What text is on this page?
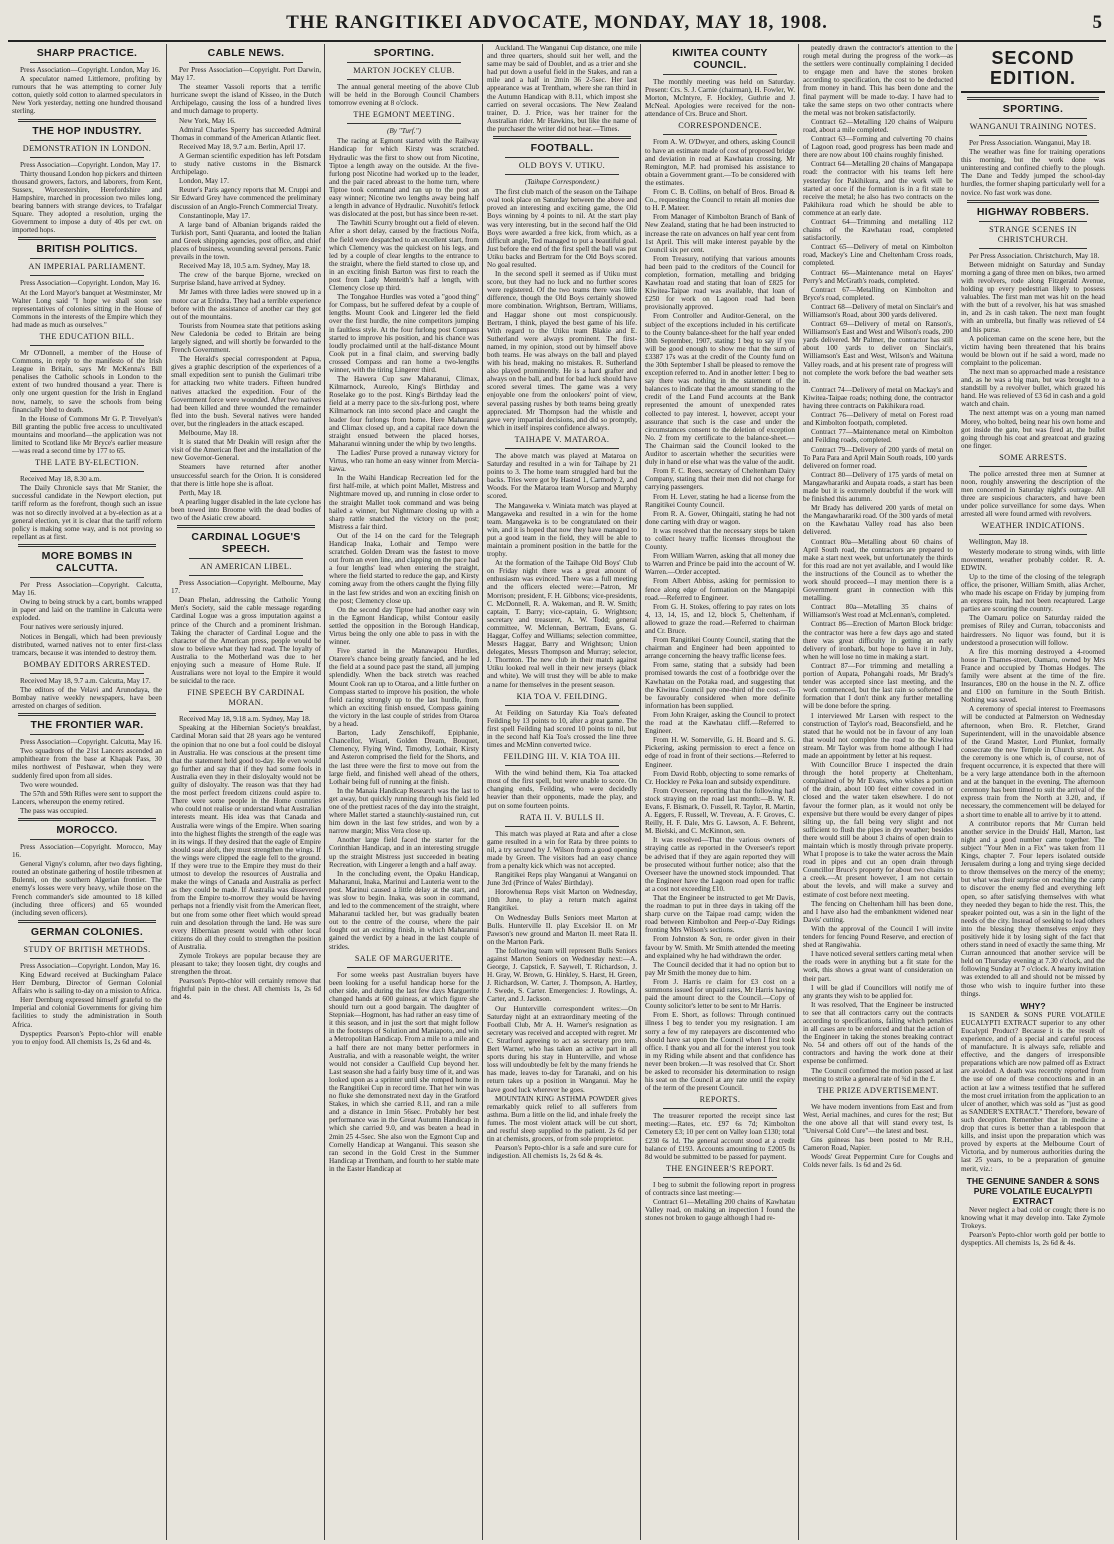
THE RANGITIKEI ADVOCATE, MONDAY, MAY 18, 1908.	5
SHARP PRACTICE.

Press Association—Copyright. London, May 16.

A speculator named Littlemore, profiting by rumours that he was attempting to corner July cotton, quietly sold cotton to alarmed speculators in New York yesterday, netting one hundred thousand sterling.

THE HOP INDUSTRY.
DEMONSTRATION IN LONDON.

Press Association—Copyright. London, May 17.

Thirty thousand London hop pickers and thirteen thousand growers, factors, and laborers, from Kent, Sussex, Worcestershire, Herefordshire and Hampshire, marched in procession two miles long, bearing banners with strange devices, to Trafalgar Square. They adopted a resolution, urging the Government to impose a duty of 40s per cwt. on imported hops.

BRITISH POLITICS.
AN IMPERIAL PARLIAMENT.

Press Association—Copyright. London, May 16.

At the Lord Mayor's banquet at Westminster, Mr Walter Long said "I hope we shall soon see representatives of colonies sitting in the House of Commons in the interests of the Empire which they had made as much as ourselves."

THE EDUCATION BILL.

Mr O'Donnell, a member of the House of Commons, in reply to the manifesto of the Irish League in Britain, says Mr McKenna's Bill penalises the Catholic schools in London to the extent of two hundred thousand a year. There is only one urgent question for the Irish in England now, namely, to save the schools from being financially bled to death.

In the House of Commons Mr G. P. Trevelyan's Bill granting the public free access to uncultivated mountains and moorland—the application was not limited to Scotland like Mr Bryce's earlier measure—was read a second time by 177 to 65.

THE LATE BY-ELECTION.

Received May 18, 8.30 a.m.

The Daily Chronicle says that Mr Stanier, the successful candidate in the Newport election, put tariff reform as the forefront, though such an issue was not so directly involved at a by-election as at a general election, yet it is clear that the tariff reform policy is making some way, and is not proving so repellant as at first.

MORE BOMBS IN CALCUTTA.

Per Press Association—Copyright. Calcutta, May 16.

Owing to being struck by a cart, bombs wrapped in paper and laid on the tramline in Calcutta were exploded.

Four natives were seriously injured.

Notices in Bengali, which had been previously distributed, warned natives not to enter first-class tramcars, because it was intended to destroy them.

BOMBAY EDITORS ARRESTED.

Received May 18, 9.7 a.m. Calcutta, May 17.

The editors of the Velavi and Arunodaya, the Bombay native weekly newspapers, have been arrested on charges of sedition.

THE FRONTIER WAR.

Press Association—Copyright. Calcutta, May 16.

Two squadrons of the 21st Lancers ascended an amphitheatre from the base at Khapak Pass, 30 miles northwest of Peshawar, when they were suddenly fired upon from all sides.

Two were wounded.

The 57th and 59th Rifles were sent to support the Lancers, whereupon the enemy retired.

The pass was occupied.

MOROCCO.

Press Association—Copyright. Morocco, May 16.

General Vigny's column, after two days fighting, routed an obstinate gathering of hostile tribesmen at Bulenni, on the southern Algerian frontier. The enemy's losses were very heavy, while those on the French commander's side amounted to 18 killed (including three officers) and 65 wounded (including seven officers).

GERMAN COLONIES.
STUDY OF BRITISH METHODS.

Press Association—Copyright. London, May 16.

King Edward received at Buckingham Palace Herr Dernburg, Director of German Colonial Affairs who is sailing to-day on a mission to Africa.

Herr Dernburg expressed himself grateful to the Imperial and colonial Governments for giving him facilities to study the administration in South Africa.

Dyspeptics Pearson's Pepto-chlor will enable you to enjoy food. All chemists 1s, 2s 6d and 4s.

CABLE NEWS.

Per Press Association—Copyright. Port Darwin, May 17.

The steamer Vassoli reports that a terrific hurricane swept the island of Kisseo, in the Dutch Archipelago, causing the loss of a hundred lives and much damage to property.

New York, May 16.

Admiral Charles Sperry has succeeded Admiral Thomas in command of the American Atlantic fleet.

Received May 18, 9.7 a.m. Berlin, April 17.

A German scientific expedition has left Potsdam to study native customs in the Bismarck Archipelago.

London, May 17.

Reuter's Paris agency reports that M. Cruppi and Sir Edward Grey have commenced the preliminary discussion of an Anglo-French Commercial Treaty.

Constantinople, May 17.

A large band of Albanian brigands raided the Turkish port, Santi Quaranta, and looted the Italian and Greek shipping agencies, post office, and chief places of business, wounding several persons. Panic prevails in the town.

Received May 18, 10.5 a.m. Sydney, May 18.

The crew of the barque Bjorne, wrecked on Surprise Island, have arrived at Sydney.

Mr James with three ladies were snowed up in a motor car at Erindra. They had a terrible experience before with the assistance of another car they got out of the mountains.

Tourists from Noumea state that petitions asking New Caledonia be ceded to Britain are being largely signed, and will shortly be forwarded to the French Government.

The Herald's special correspondent at Papua, gives a graphic description of the experiences of a small expedition sent to punish the Gulimari tribe for attacking two white traders. Fifteen hundred natives attacked the expedition. Four of the Government force were wounded. After two natives had been killed and three wounded the remainder fled into the bush. Several natives were handed over, but the ringleaders in the attack escaped.

Melbourne, May 18.

It is stated that Mr Deakin will resign after the visit of the American fleet and the installation of the new Governor-General.

Steamers have returned after another unsuccessful search for the Orion. It is considered that there is little hope she is afloat.

Perth, May 18.

A pearling lugger disabled in the late cyclone has been towed into Broome with the dead bodies of two of the Asiatic crew aboard.

CARDINAL LOGUE'S SPEECH.
AN AMERICAN LIBEL.

Press Association—Copyright. Melbourne, May 17.

Dean Phelan, addressing the Catholic Young Men's Society, said the cable message regarding Cardinal Logue was a gross imputation against a prince of the Church and a prominent Irishman. Taking the character of Cardinal Logue and the character of the American press, people would be slow to believe what they had read. The loyalty of Australia to the Motherland was due to her enjoying such a measure of Home Rule. If Australians were not loyal to the Empire it would be suicidal to the race.

FINE SPEECH BY CARDINAL MORAN.

Received May 18, 9.18 a.m. Sydney, May 18.

Speaking at the Hibernian Society's breakfast, Cardinal Moran said that 28 years ago he ventured the opinion that no one but a fool could be disloyal in Australia. He was conscious at the present time that the statement held good to-day. He even would go further and say that if they had some fools in Australia even they in their disloyalty would not be guilty of disloyalty. The reason was that they had the most perfect freedom citizens could aspire to. There were some people in the Home countries who could not realise or understand what Australian interests meant. His idea was that Canada and Australia were wings of the Empire. When soaring into the highest flights the strength of the eagle was in its wings. If they desired that the eagle of Empire should soar aloft, they must strengthen the wings. If the wings were clipped the eagle fell to the ground. If they were true to the Empire they must do their utmost to develop the resources of Australia and make the wings of Canada and Australia as perfect as they could be made. If Australia was dissevered from the Empire to-morrow they would be having perhaps not a friendly visit from the American fleet, but one from some other fleet which would spread ruin and desolation through the land. He was sure every Hibernian present would with other local citizens do all they could to strengthen the position of Australia.

Zymole Trokeys are popular because they are pleasant to take; they loosen tight, dry coughs and strengthen the throat.

Pearson's Pepto-chlor will certainly remove that frightful pain in the chest. All chemists 1s, 2s 6d and 4s.

SPORTING.
MARTON JOCKEY CLUB.

The annual general meeting of the above Club will be held in the Borough Council Chambers tomorrow evening at 8 o'clock.

THE EGMONT MEETING.
(By "Turf.")

The racing at Egmont started with the Railway Handicap for which Kirsty was scratched. Hydraulic was the first to show out from Nicotine, Tiptoe a length away on the outside. At the five-furlong post Nicotine had worked up to the leader, and the pair raced abreast to the home turn, where Tiptoe took command and ran up to the post an easy winner; Nicotine two lengths away being half a length in advance of Hydraulic. Nuxohiti's fetlock was dislocated at the post, but has since been re-set.

The Tawhiti Scurry brought out a field of eleven. After a short delay, caused by the fractious Noifa, the field were despatched to an excellent start, from which Clemency was the quickest on his legs, and led by a couple of clear lengths to the entrance to the straight, where the field started to close up, and in an exciting finish Barton was first to reach the post from Lady Menteith's half a length, with Clemency close up third.

The Tongahoe Hurdles was voted a "good thing" for Compass, but he suffered defeat by a couple of lengths. Mount Cook and Lingerer led the field over the first hurdle, the nine competitors jumping in faultless style. At the four furlong post Compass started to improve his position, and his chance was loudly proclaimed until at the half-distance Mount Cook put in a final claim, and swerving badly crossed Compass and ran home a two-lengths winner, with the tiring Lingerer third.

The Hawera Cup saw Maharanui, Climax, Kilmarnock, Aureolo, King's Birthday and Roselake go to the post. King's Birthday lead the field at a merry pace to the six-furlong post, where Kilmarnock ran into second place and caught the leader four furlongs from home. Here Maharanui and Climax closed up, and a capital race down the straight ensued between the placed horses, Maharanui winning under the whip by two lengths.

The Ladies' Purse proved a runaway victory for Virtus, who ran home an easy winner from Mercia-kawa.

In the Waihi Handicap Recreation led for the first half-mile, at which point Mallet, Mistress and Nightmare moved up, and running in close order to the straight Mallet took command and was being hailed a winner, but Nightmare closing up with a sharp rattle snatched the victory on the post; Mistress a fair third.

Out of the 14 on the card for the Telegraph Handicap Inaka, Lothair and Tempo were scratched. Golden Dream was the fastest to move out from an even line, and clapping on the pace had a four lengths' lead when entering the straight, where the field started to reduce the gap, and Kirsty coming away from the others caught the flying filly in the last few strides and won an exciting finish on the post; Clemency close up.

On the second day Tiptoe had another easy win in the Egmont Handicap, whilst Contour easily settled the opposition in the Borough Handicap, Virtus being the only one able to pass in with the winner.

Five started in the Manawapou Hurdles, Otarere's chance being greatly fancied, and he led the field at a sound pace past the stand, all jumping splendidly. When the back stretch was reached Mount Cook ran up to Otaroa, and a little further on Compass started to improve his position, the whole field racing strongly up to the last hurdle, from which an exciting finish ensued, Compass gaining the victory in the last couple of strides from Otaroa by a head.

Barton, Lady Zenschikoff, Epiphanie, Chancellor, Wisari, Golden Dream, Bouquet, Clemency, Flying Wind, Timothy, Lothair, Kirsty and Asteron comprised the field for the Shorts, and the last three were the first to move out from the large field, and finished well ahead of the others, Lothair being full of running at the finish.

In the Manaia Handicap Research was the last to get away, but quickly running through his field led one of the prettiest races of the day into the straight, where Mallet started a staunchly-sustained run, cut him down in the last few strides, and won by a narrow margin; Miss Vera close up.

Another large field faced the starter for the Corinthian Handicap, and in an interesting struggle up the straight Mistress just succeeded in beating Recreation, with Lingerer a length and a half away.

In the concluding event, the Opaku Handicap, Maharanui, Inaka, Marinui and Lauteria went to the post. Marinui caused a little delay at the start, and was slow to begin. Inaka, was soon in command, and led to the commencement of the straight, where Maharanui tackled her, but was gradually beaten out to the centre of the course, where the pair fought out an exciting finish, in which Maharanui gained the verdict by a head in the last couple of strides.

SALE OF MARGUERITE.

For some weeks past Australian buyers have been looking for a useful handicap horse for the other side, and during the last few days Marguerite changed hands at 600 guineas, at which figure she should turn out a good bargain. The daughter of Stepniak—Hogmont, has had rather an easy time of it this season, and in just the sort that might follow in the footsteps of Solution and Maniapoto, and win a Metropolitan Handicap. From a mile to a mile and a half there are not many better performers in Australia, and with a reasonable weight, the writer would not consider a Caulfield Cup beyond her. Last season she had a fairly busy time of it, and was looked upon as a sprinter until she romped home in the Rangitikei Cup in record time. That her win was no fluke she demonstrated next day in the Gratford Stakes, in which she carried 8.11, and ran a mile and a distance in 1min 56sec. Probably her best performance was in the Great Autumn Handicap in which she carried 9.0, and was beaten a head in 2min 25 4-5sec. She also won the Egmont Cup and Cornelly Handicap at Wanganui. This season she ran second in the Gold Crest in the Summer Handicap at Trentham, and fourth to her stable mate in the Easter Handicap at

Auckland. The Wanganui Cup distance, one mile and three quarters, should suit her well, and the same may be said of Doublet, and as a trier and she had put down a useful field in the Stakes, and ran a mile and a half in 2min 36 2-5sec. Her last appearance was at Trentham, where she ran third in the Autumn Handicap with 8.11, which impost she carried on several occasions. The New Zealand trainer, D. J. Price, was her trainer for the Australian rider. Mr Hawkins, but like the name of the purchaser the writer did not hear.—Times.

FOOTBALL.
OLD BOYS V. UTIKU.
(Taihape Correspondent.)

The first club match of the season on the Taihape oval took place on Saturday between the above and proved an interesting and exciting game, the Old Boys winning by 4 points to nil. At the start play was very interesting, but in the second half the Old Boys were awarded a free kick, from which, as a difficult angle, Ted managed to put a beautiful goal. Just before the end of the first spell the ball was put Utiku backs and Bertram for the Old Boys scored. No goal resulted.

In the second spell it seemed as if Utiku must score, but they had no luck and no further scores were registered. Of the two teams there was little difference, though the Old Boys certainly showed more combination. Wrightson, Bertram, Williams, and Haggar shone out most conspicuously. Bertram, I think, played the best game of his life. With regard to the Utiku team Blakie and E. Sutherland were always prominent. The first-named, in my opinion, stood out by himself above both teams. He was always on the ball and played with his head, making no mistakes. R. Sutherland also played prominently. He is a hard grafter and always on the ball, and but for bad luck should have scored several times. The game was a very enjoyable one from the onlookers' point of view, several passing rushes by both teams being greatly appreciated. Mr Thompson had the whistle and gave very impartial decisions, and did so promptly, which in itself inspires confidence always.

TAIHAPE V. MATAROA.

The above match was played at Mataroa on Saturday and resulted in a win for Taihape by 21 points to 3. The home team struggled hard but the backs. Tries were got by Hasted 1, Carmody 2, and Woods. For the Mataroa team Worsop and Murphy scored.

The Mangaweka v. Winiata match was played at Mangaweka and resulted in a win for the home team. Mangaweka is to be congratulated on their win, and it is hoped that now they have managed to put a good team in the field, they will be able to maintain a prominent position in the battle for the trophy.

At the formation of the Taihape Old Boys' Club on Friday night there was a great amount of enthusiasm was evinced. There was a full meeting and the officers elected were:—Patron, Mr Morrison; president, F. H. Gibbons; vice-presidents, C. McDonnell, R. A. Wakeman, and R. W. Smith; captain, T. Barry; vice-captain, G. Wrightson; secretary and treasurer, A. W. Todd; general committee, W. Mclennan, Bertram, Evans, G. Haggar, Coffey and Williams; selection committee, Messrs Haggar, Barry and Wrightson; Union delegates, Messrs Thompson and Murray; selector, J. Thornton. The new club in their match against Utiku looked real well in their new jerseys (black and white). We will trust they will be able to make a name for themselves in the present season.

KIA TOA V. FEILDING.

At Feilding on Saturday Kia Toa's defeated Feilding by 13 points to 10, after a great game. The first spell Feilding had scored 10 points to nil, but in the second half Kia Toa's crossed the line three times and McMinn converted twice.

FEILDING III. V. KIA TOA III.

With the wind behind them, Kia Toa attacked most of the first spell, but were unable to score. On changing ends, Feilding, who were decidedly heavier than their opponents, made the play, and put on some fourteen points.

RATA II. V. BULLS II.

This match was played at Rata and after a close game resulted in a win for Rata by three points to nil, a try secured by J. Wilson from a good opening made by Green. The visitors had an easy chance from a penalty kick which was not accepted.

Rangitikei Reps play Wanganui at Wanganui on June 3rd (Prince of Wales' Birthday).

Horowhenua Reps visit Marton on Wednesday, 10th June, to play a return match against Rangitikei.

On Wednesday Bulls Seniors meet Marton at Bulls. Hunterville II. play Excelsior II. on Mr Pawson's new ground and Marton II. meet Rata II. on the Marton Park.

The following team will represent Bulls Seniors against Marton Seniors on Wednesday next:—A. George, J. Capstick, F. Saywell, T. Richardson, J. H. Gray, W. Brown, G. Hinkley, S. Harst, H. Green, J. Richardson, W. Carter, J. Thompson, A. Hartley, J. Swede, S. Carter. Emergencies: J. Rowlings, A. Carter, and J. Jackson.

Our Hunterville correspondent writes:—On Saturday night at an extraordinary meeting of the Football Club, Mr A. H. Warner's resignation as secretary was received and accepted with regret. Mr C. Stratford agreeing to act as secretary pro tem. Bert Warner, who has taken an active part in all sports during his stay in Hunterville, and whose loss will undoubtedly be felt by the many friends he has made, leaves to-day for Taranaki, and on his return takes up a position in Wanganui. May he have good luck wherever he goes.

MOUNTAIN KING ASTHMA POWDER gives remarkably quick relief to all sufferers from asthma. Burn a little on the lid, and inhale freely the fumes. The most violent attack will be cut short, and restful sleep supplied to the patient. 2s 6d per tin at chemists, grocers, or from sole proprietor.

Pearson's Pepto-chlor is a safe and sure cure for indigestion. All chemists 1s, 2s 6d & 4s.

KIWITEA COUNTY COUNCIL.

The monthly meeting was held on Saturday. Present: Crs. S. J. Carnie (chairman), H. Fowler, W. Morton, McIntyre, F. Hockley, Guthrie and J. McNeal. Apologies were received for the non-attendance of Crs. Bruce and Short.

CORRESPONDENCE.

From A. W. O'Dwyer, and others, asking Council to have an estimate made of cost of proposed bridge and deviation in road at Kawhatau crossing. Mr Remington, M.P. had promised his assistance to obtain a Government grant.—To be considered with the estimates.

From C. B. Collins, on behalf of Bros. Broad & Co., requesting the Council to retain all monies due to H. P. Mateer.

From Manager of Kimbolton Branch of Bank of New Zealand, stating that he had been instructed to increase the rate on advances on half year cent from 1st April. This will make interest payable by the Council six per cent.

From Treasury, notifying that various amounts had been paid to the creditors of the Council for completion, formation, metalling and bridging Kawhatau road and stating that loan of £825 for Kiwitea-Taipae road was available, that loan of £250 for work on Lagoon road had been provisionally approved.

From Controller and Auditor-General, on the subject of the exceptions included in his certificate to the County balance-sheet for the half year ended 30th September, 1907, stating: I beg to say if you will be good enough to show me that the sum of £3387 17s was at the credit of the County fund on the 30th September I shall be pleased to remove the exception referred to. And in another letter: I beg to say there was nothing in the statement of the balances to indicate that the amount standing to the credit of the Land Fund accounts at the Bank represented the amount of unexpended rates collected to pay interest. I, however, accept your assurance that such is the case and under the circumstances consent to the deletion of exception No. 2 from my certificate to the balance-sheet.—The Chairman said the Council looked to the Auditor to ascertain whether the securities were duly in hand or else what was the value of the audit.

From F. C. Rees, secretary of Cheltenham Dairy Company, stating that their men did not charge for carrying passengers.

From H. Lever, stating he had a license from the Rangitikei County Council.

From R. A. Gower, Ohingaiti, stating he had not done carting with dray or wagon.

It was resolved that the necessary steps be taken to collect heavy traffic licenses throughout the County.

From William Warren, asking that all money due to Warren and Prince be paid into the account of W. Warren.—Order accepted.

From Albert Abbiss, asking for permission to fence along edge of formation on the Mangapipi road.—Referred to Engineer.

From G. H. Stokes, offering to pay rates on lots 4, 13, 14, 15, and 12, block 5, Cheltenham, if allowed to graze the road.—Referred to chairman and Cr. Bruce.

From Rangitikei County Council, stating that the chairman and Engineer had been appointed to arrange concerning the heavy traffic license fees.

From same, stating that a subsidy had been promised towards the cost of a footbridge over the Kawhatau on the Potaka road, and suggesting that the Kiwitea Council pay one-third of the cost.—To be favourably considered when more definite information has been supplied.

From John Kraiger, asking the Council to protect the road at the Kawhatau cliff.—Referred to Engineer.

From H. W. Somerville, G. H. Board and S. G. Pickering, asking permission to erect a fence on edge of road in front of their sections.—Referred to Engineer.

From David Robb, objecting to some remarks of Cr. Hockley re Peka loan and subsidy expenditure.

From Overseer, reporting that the following had stock straying on the road last month:—B. W. R. Evans, F. Bismark, O. Fussell, R. Taylor, R. Martin, A. Eggers, F. Russell, W. Treveau, A. F. Groves, C. Reilly, H. F. Dale, Mrs G. Lawson, A. F. Behrent, M. Bielski, and C. McKinnon, sen.

It was resolved—That the various owners of straying cattle as reported in the Overseer's report be advised that if they are again reported they will be prosecuted without further notice; also that the Overseer have the unowned stock impounded. That the Engineer have the Lagoon road open for traffic at a cost not exceeding £10.

That the Engineer be instructed to get Mr Davis, the roadman to put in three days in taking off the sharp curve on the Taipae road camp; widen the road between Kimbolton and Peep-o'-Day Ridings fronting Mrs Wilson's sections.

From Johnston & Son, re order given in their favour by W. Smith. Mr Smith attended the meeting and explained why he had withdrawn the order.

The Council decided that it had no option but to pay Mr Smith the money due to him.

From J. Harris re claim for £3 cost on a summons issued for unpaid rates, Mr Harris having paid the amount direct to the Council.—Copy of County solicitor's letter to be sent to Mr Harris.

From E. Short, as follows: Through continued illness I beg to tender you my resignation. I am sorry a few of my ratepayers are discontented who should have sat upon the Council when I first took office. I thank you and all for the interest you took in my Riding while absent and that confidence has never been broken.—It was resolved that Cr. Short be asked to reconsider his determination to resign his seat on the Council at any rate until the expiry of the term of the present Council.

REPORTS.

The treasurer reported the receipt since last meeting:—Rates, etc. £97 6s 7d; Kimbolton Cemetery £3; 10 per cent on Valley loan £130; total £230 6s 1d. The general account stood at a credit balance of £193. Accounts amounting to £2005 0s 8d would be submitted to be passed for payment.

THE ENGINEER'S REPORT.

I beg to submit the following report in progress of contracts since last meeting:—

Contract 61—Metalling 200 chains of Kawhatau Valley road, on making an inspection I found the stones not broken to gauge although I had re-

peatedly drawn the contractor's attention to the rough metal during the progress of the work—as the settlers were continually complaining I decided to engage men and have the stones broken according to specification, the cost to be deducted from money in hand. This has been done and the final payment will be made to-day. I have had to take the same steps on two other contracts where the metal was not broken satisfactorily.

Contract 62—Metalling 120 chains of Waipuru road, about a mile completed.

Contract 63—Forming and culverting 70 chains of Lagoon road, good progress has been made and there are now about 100 chains roughly finished.

Contract 64—Metalling 20 chains of Mangapapa road: the contractor with his teams left here yesterday for Pakihikura, and the work will be started at once if the formation is in a fit state to receive the metal; he also has two contracts on the Pakihikura road which he should be able to commence at an early date.

Contract 64—Trimming and metalling 112 chains of the Kawhatau road, completed satisfactorily.

Contract 65—Delivery of metal on Kimbolton road, Mackey's Line and Cheltenham Cross roads, completed.

Contract 66—Maintenance metal on Hayes' Perry's and McGrath's roads, completed.

Contract 67—Metalling on Kimbolton and Bryce's road, completed.

Contract 68—Delivery of metal on Sinclair's and Williamson's Road, about 300 yards delivered.

Contract 69—Delivery of metal on Ranson's, Williamson's East and West and Wilson's roads, 200 yards delivered. Mr Palmer, the contractor has still about 100 yards to deliver on Sinclair's, Williamson's East and West, Wilson's and Waituna Valley roads, and at his present rate of progress will not complete the work before the bad weather sets in.

Contract 74—Delivery of metal on Mackay's and Kiwitea-Taipae roads; nothing done, the contractor having three contracts on Pakihikura road.

Contract 76—Delivery of metal on Forest road and Kimbolton footpath, completed.

Contract 77—Maintenance metal on Kimbolton and Feilding roads, completed.

Contract 79—Delivery of 200 yards of metal on To Para Para and April Main South roads, 100 yards delivered on former road.

Contract 80—Delivery of 175 yards of metal on Mangawharariki and Aupata roads, a start has been made but it is extremely doubtful if the work will be finished this autumn.

Mr Brady has delivered 200 yards of metal on the Mangawharariki road. Of the 300 yards of metal on the Kawhatau Valley road has also been delivered.

Contract 80a—Metalling about 60 chains of April South road, the contractors are prepared to make a start next week, but unfortunately the thirds for this road are not yet available, and I would like the instructions of the Council as to whether the work should proceed—I may mention there is a Government grant in connection with this metalling.

Contract 80a—Metalling 35 chains of Williamson's West road at McLennan's, completed.

Contract 86—Erection of Marton Block bridge: the contractor was here a few days ago and stated there was great difficulty in getting an early delivery of ironbark, but hope to have it in July, when he will lose no time in making a start.

Contract 87—For trimming and metalling a portion of Aupata, Pohangahi roads, Mr Brady's tender was accepted since last meeting, and the work commenced, but the last rain so softened the formation that I don't think any further metalling will be done before the spring.

I interviewed Mr Larsen with respect to the construction of Taylor's road, Beaconsfield, and he stated that he would not be in favour of any loan that would not complete the road to the Kiwitea stream. Mr Taylor was from home although I had made an appointment by letter at his request.

With Councillor Bruce I inspected the drain through the hotel property at Cheltenham, complained of by Mr Evans, who wishes a portion of the drain, about 100 feet either covered in or closed and the water taken elsewhere. I do not favour the former plan, as it would not only be expensive but there would be every danger of pipes silting up, the fall being very slight and not sufficient to flush the pipes in dry weather; besides there would still be about 3 chains of open drain to maintain which is mostly through private property. What I propose is to take the water across the Main road in pipes and cut an open drain through Councillor Bruce's property for about two chains to a creek.—At present however, I am not certain about the levels, and will make a survey and estimate of cost before next meeting.

The fencing on Cheltenham hill has been done, and I have also had the embankment widened near Davis' cutting.

With the approval of the Council I will invite tenders for fencing Pound Reserve, and erection of shed at Rangiwahia.

I have noticed several settlers carting metal when the roads were in anything but a fit state for the work, this shows a great want of consideration on their part.

I will be glad if Councillors will notify me of any grants they wish to be applied for.

It was resolved, That the Engineer be instructed to see that all contractors carry out the contracts according to specifications, failing which penalties in all cases are to be enforced and that the action of the Engineer in taking the stones breaking contract No. 54 and others off out of the hands of the contractors and having the work done at their expense be confirmed.

The Council confirmed the motion passed at last meeting to strike a general rate of ¾d in the £.

THE PRIZE ADVERTISEMENT.

We have modern inventions from East and from West, Aerial machines, and cures for the rest; But the one above all that will stand every test, Is "Universal Cold Cure"—the latest and best.

Gns guineas has been posted to Mr R.H., Cameron Road, Napier.

Woods' Great Peppermint Cure for Coughs and Colds never fails. 1s 6d and 2s 6d.

SECOND EDITION.
SPORTING.
WANGANUI TRAINING NOTES.

Per Press Association. Wanganui, May 18.

The weather was fine for training operations this morning, but the work done was uninteresting and confined chiefly to the plough. The Dane and Teddy jumped the school-day hurdles, the former shaping particularly well for a novice. No fast work was done.

HIGHWAY ROBBERS.
STRANGE SCENES IN CHRISTCHURCH.

Per Press Association. Christchurch, May 18.

Between midnight on Saturday and Sunday morning a gang of three men on bikes, two armed with revolvers, rode along Fitzgerald Avenue, holding up every pedestrian likely to possess valuables. The first man met was hit on the head with the butt of a revolver, his hat was smashed in, and 2s in cash taken. The next man fought with an umbrella, but finally was relieved of £4 and his purse.

A policeman came on the scene here, but the victim having been threatened that his brains would be blown out if he said a word, made no complaint to the policeman.

The next man so approached made a resistance and, as he was a big man, but was brought to a standstill by a revolver bullet, which grazed his hand. He was relieved of £3 6d in cash and a gold watch and chain.

The next attempt was on a young man named Morey, who bolted, being near his own home and got inside the gate, but was fired at, the bullet going through his coat and greatcoat and grazing one finger.

SOME ARRESTS.

The police arrested three men at Sumner at noon, roughly answering the description of the men concerned in Saturday night's outrage. All three are suspicious characters, and have been under police surveillance for some days. When arrested all were found armed with revolvers.

WEATHER INDICATIONS.

Wellington, May 18.

Westerly moderate to strong winds, with little movement, weather probably colder. R. A. EDWIN.

Up to the time of the closing of the telegraph office, the prisoner, William Smith, alias Archer, who made his escape on Friday by jumping from an express train, had not been recaptured. Large parties are scouring the country.

The Oamaru police on Saturday raided the premises of Riley and Curran, tobacconists and hairdressers. No liquor was found, but it is understood a prosecution will follow.

A fire this morning destroyed a 4-roomed house in Thames-street, Oamaru, owned by Mrs France and occupied by Thomas Hodges. The family were absent at the time of the fire. Insurances, £80 on the house in the N. Z. office and £100 on furniture in the South British. Nothing was saved.

A ceremony of special interest to Freemasons will be conducted at Palmerston on Wednesday afternoon, when Bro. R. Fletcher, Grand Superintendent, will in the unavoidable absence of the Grand Master, Lord Plunket, formally consecrate the new Temple in Church street. As the ceremony is one which is, of course, not of frequent occurrence, it is expected that there will be a very large attendance both in the afternoon and at the banquet in the evening. The afternoon ceremony has been timed to suit the arrival of the express train from the North at 3.20, and, if necessary, the commencement will be delayed for a short time to enable all to arrive by it to attend.

A contributor reports that Mr Curran held another service in the Druids' Hall, Marton, last night and a good number came together. The subject "Your Men in a Fix" was taken from 11 Kings, chapter 7. Four lepers isolated outside Jerusalem during a long and trying siege decided to throw themselves on the mercy of the enemy; but what was their surprise on reaching the camp to discover the enemy fled and everything left open, so after satisfying themselves with what they needed they began to hide the rest. This, the speaker pointed out, was a sin in the light of the needs of the city. Instead of seeking to lead others into the blessing they themselves enjoy they positively hide it by losing sight of the fact that others stand in need of exactly the same thing. Mr Curran announced that another service will be held on Thursday evening at 7.30 o'clock, and the following Sunday at 7 o'clock. A hearty invitation was extended to all and should not be missed by those who wish to inquire further into these things.

WHY?

IS SANDER & SONS PURE VOLATILE EUCALYPTI EXTRACT superior to any other Eucalypti Product? Because it is the result of experience, and of a special and careful process of manufacture. It is always safe, reliable and effective, and the dangers of irresponsible preparations which are now palmed off as Extract are avoided. A death was recently reported from the use of one of these concoctions and in an action at law a witness testified that he suffered the most cruel irritation from the application to an ulcer of another, which was sold as "just as good as SANDER'S EXTRACT." Therefore, beware of such deception. Remember that in medicine a drop that cures is better than a tablespoon that kills, and insist upon the preparation which was proved by experts at the Melbourne Court of Victoria, and by numerous authorities during the last 25 years, to be a preparation of genuine merit, viz.:

THE GENUINE SANDER & SONS PURE VOLATILE EUCALYPTI EXTRACT

Never neglect a bad cold or cough; there is no knowing what it may develop into. Take Zymole Trokeys.

Pearson's Pepto-chlor worth gold per bottle to dyspeptics. All chemists 1s, 2s 6d & 4s.
